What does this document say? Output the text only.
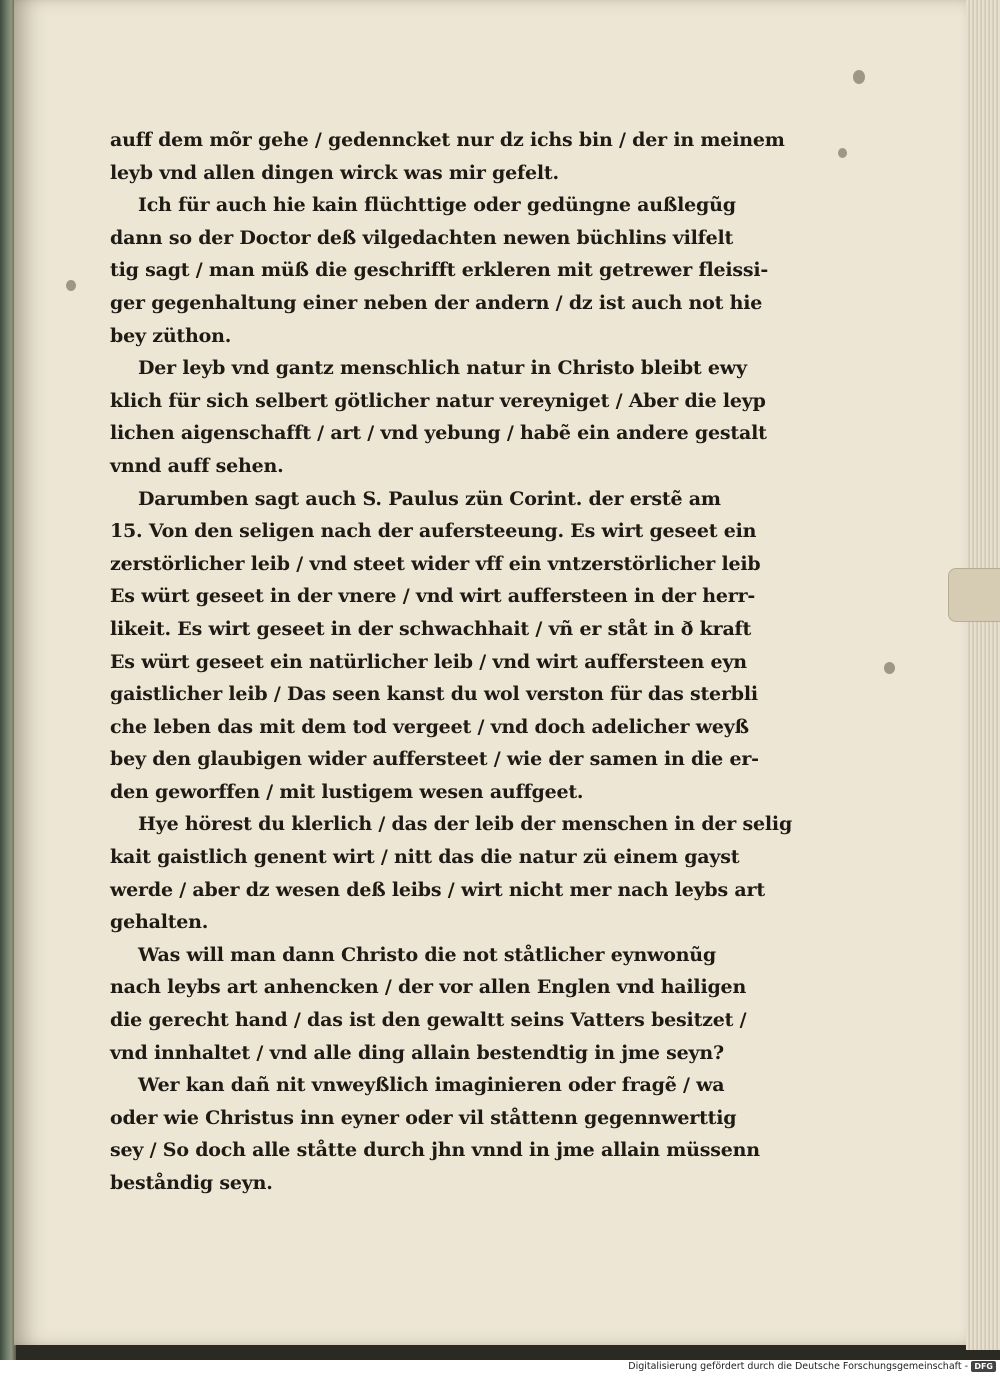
auff dem mõr gehe / gedenncket nur dz ichs bin / der in meinem
leyb vnd allen dingen wirck was mir gefelt.
Ich für auch hie kain flüchttige oder gedüngne außlegũg
dann so der Doctor deß vilgedachten newen büchlins vilfelt
tig sagt / man müß die geschrifft erkleren mit getrewer fleissi-
ger gegenhaltung einer neben der andern / dz ist auch not hie
bey züthon.
Der leyb vnd gantz menschlich natur in Christo bleibt ewy
klich für sich selbert götlicher natur vereyniget / Aber die leyp
lichen aigenschafft / art / vnd yebung / habẽ ein andere gestalt
vnnd auff sehen.
Darumben sagt auch S. Paulus zün Corint. der erstẽ am
15. Von den seligen nach der auferstееung. Es wirt geseet ein
zerstörlicher leib / vnd steet wider vff ein vntzerstörlicher leib
Es würt geseet in der vnere / vnd wirt aufferstеen in der herr-
likeit. Es wirt geseet in der schwachhait / vñ er ståt in ð kraft
Es würt geseet ein natürlicher leib / vnd wirt aufferstеen eyn
gaistlicher leib / Das seen kanst du wol verston für das sterbli
che leben das mit dem tod vergeet / vnd doch adelicher weyß
bey den glaubigen wider auffersteet / wie der samen in die er-
den geworffen / mit lustigem wesen auffgeet.
Hye hörest du klerlich / das der leib der menschen in der selig
kait gaistlich genent wirt / nitt das die natur zü einem gayst
werde / aber dz wesen deß leibs / wirt nicht mer nach leybs art
gehalten.
Was will man dann Christo die not ståtlicher eynwonũg
nach leybs art anhencken / der vor allen Englen vnd hailigen
die gerecht hand / das ist den gewaltt seins Vatters besitzet /
vnd innhaltet / vnd alle ding allain bestendtig in jme seyn?
Wer kan dañ nit vnweyßlich imaginieren oder fragẽ / wa
oder wie Christus inn eyner oder vil ståttenn gegennwerttig
sey / So doch alle ståtte durch jhn vnnd in jme allain müssenn
beståndig seyn.
Digitalisierung gefördert durch die Deutsche Forschungsgemeinschaft - DFG
